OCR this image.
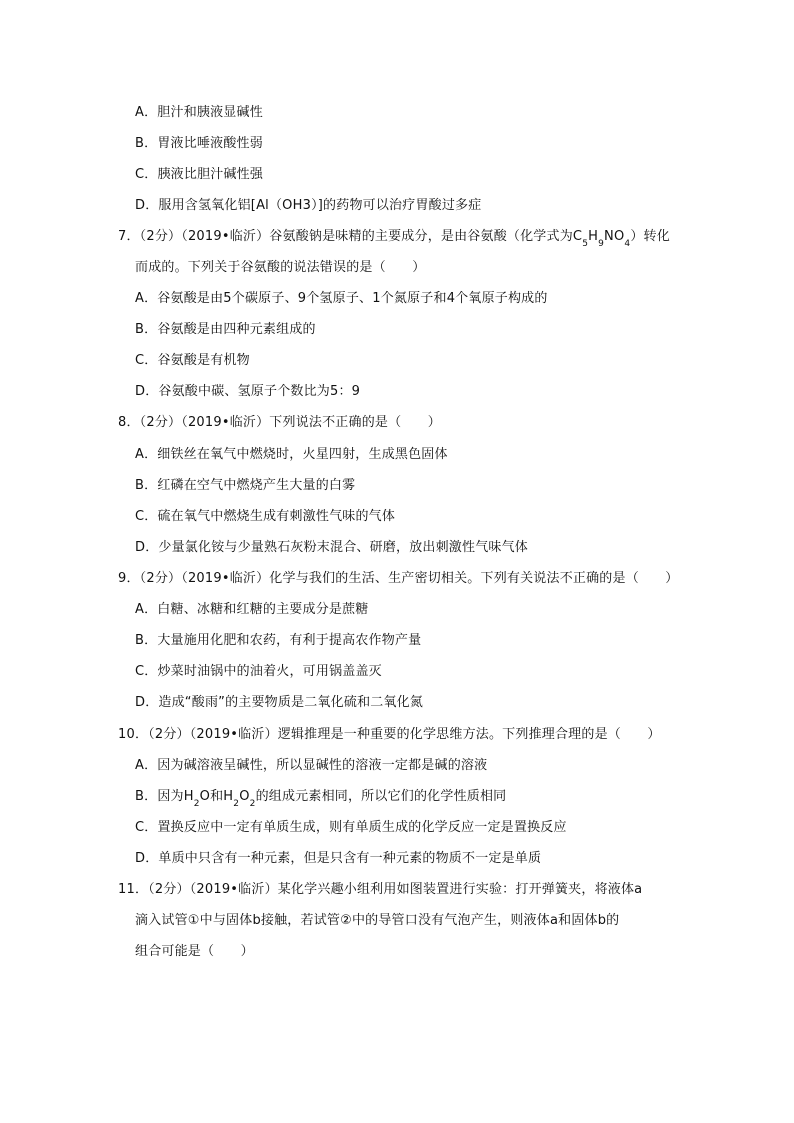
A．胆汁和胰液显碱性
B．胃液比唾液酸性弱
C．胰液比胆汁碱性强
D．服用含氢氧化铝[Al（OH3）]的药物可以治疗胃酸过多症
7．（2分）（2019•临沂）谷氨酸钠是味精的主要成分，是由谷氨酸（化学式为$C_5H_9NO_4$）转化
而成的。下列关于谷氨酸的说法错误的是（　　）
A．谷氨酸是由5个碳原子、9个氢原子、1个氮原子和4个氧原子构成的
B．谷氨酸是由四种元素组成的
C．谷氨酸是有机物
D．谷氨酸中碳、氢原子个数比为5：9
8．（2分）（2019•临沂）下列说法不正确的是（　　）
A．细铁丝在氧气中燃烧时，火星四射，生成黑色固体
B．红磷在空气中燃烧产生大量的白雾
C．硫在氧气中燃烧生成有刺激性气味的气体
D．少量氯化铵与少量熟石灰粉末混合、研磨，放出刺激性气味气体
9．（2分）（2019•临沂）化学与我们的生活、生产密切相关。下列有关说法不正确的是（　　）
A．白糖、冰糖和红糖的主要成分是蔗糖
B．大量施用化肥和农药，有利于提高农作物产量
C．炒菜时油锅中的油着火，可用锅盖盖灭
D．造成“酸雨”的主要物质是二氧化硫和二氧化氮
10．（2分）（2019•临沂）逻辑推理是一种重要的化学思维方法。下列推理合理的是（　　）
A．因为碱溶液呈碱性，所以显碱性的溶液一定都是碱的溶液
B．因为$H_2O$和$H_2O_2$的组成元素相同，所以它们的化学性质相同
C．置换反应中一定有单质生成，则有单质生成的化学反应一定是置换反应
D．单质中只含有一种元素，但是只含有一种元素的物质不一定是单质
11．（2分）（2019•临沂）某化学兴趣小组利用如图装置进行实验：打开弹簧夹，将液体a
滴入试管①中与固体b接触，若试管②中的导管口没有气泡产生，则液体a和固体b的
组合可能是（　　）
